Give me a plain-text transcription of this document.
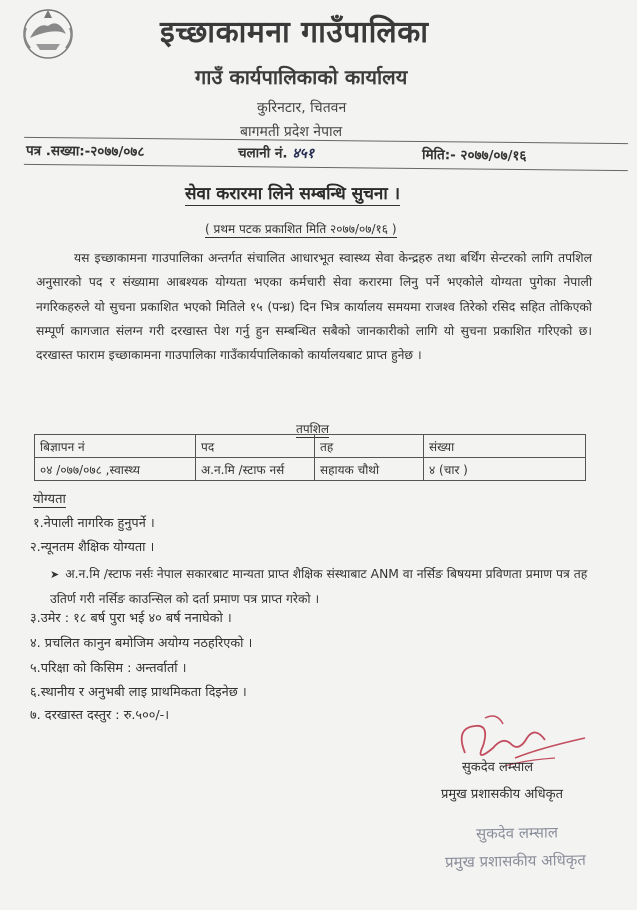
इच्छाकामना गाउँपालिका
गाउँ कार्यपालिकाको कार्यालय
कुरिनटार, चितवन
बागमती प्रदेश नेपाल
पत्र .सख्या:-२०७७/०७८	चलानी नं. ४५१	मिति:- २०७७/०७/१६
सेवा करारमा लिने सम्बन्धि सुचना ।
( प्रथम पटक प्रकाशित मिति २०७७/०७/१६ )
यस इच्छाकामना गाउपालिका अन्तर्गत संचालित आधारभूत स्वास्थ्य सेवा केन्द्रहरु तथा बर्थिंग सेन्टरको लागि तपशिल अनुसारको पद र संख्यामा आबश्यक योग्यता भएका कर्मचारी सेवा करारमा लिनु पर्ने भएकोले योग्यता पुगेका नेपाली नगरिकहरुले यो सुचना प्रकाशित भएको मितिले १५ (पन्ध्र) दिन भित्र कार्यालय समयमा राजश्व तिरेको रसिद सहित तोकिएको सम्पूर्ण कागजात संलग्न गरी दरखास्त पेश गर्नु हुन सम्बन्धित सबैको जानकारीको लागि यो सुचना प्रकाशित गरिएको छ। दरखास्त फाराम इच्छाकामना गाउपालिका गाउँकार्यपालिकाको कार्यालयबाट प्राप्त हुनेछ ।
तपशिल
बिज्ञापन नं	पद	तह	संख्या
०४ /०७७/०७८ ,स्वास्थ्य	अ.न.मि /स्टाफ नर्स	सहायक चौथो	४ (चार )
योग्यता
१.नेपाली नागरिक हुनुपर्ने ।
२.न्यूनतम शैक्षिक योग्यता ।
➤ अ.न.मि /स्टाफ नर्सः नेपाल सकारबाट मान्यता प्राप्त शैक्षिक संस्थाबाट ANM वा नर्सिङ बिषयमा प्रविणता प्रमाण पत्र तह उतिर्ण गरी नर्सिङ काउन्सिल को दर्ता प्रमाण पत्र प्राप्त गरेको ।
३.उमेर : १८ बर्ष पुरा भई ४० बर्ष ननाघेको ।
४. प्रचलित कानुन बमोजिम अयोग्य नठहरिएको ।
५.परिक्षा को किसिम : अन्तर्वार्ता ।
६.स्थानीय र अनुभबी लाइ प्राथमिकता दिइनेछ ।
७. दरखास्त दस्तुर : रु.५००/-।
सुकदेव लम्साल
प्रमुख प्रशासकीय अधिकृत
सुकदेव लम्साल
प्रमुख प्रशासकीय अधिकृत
